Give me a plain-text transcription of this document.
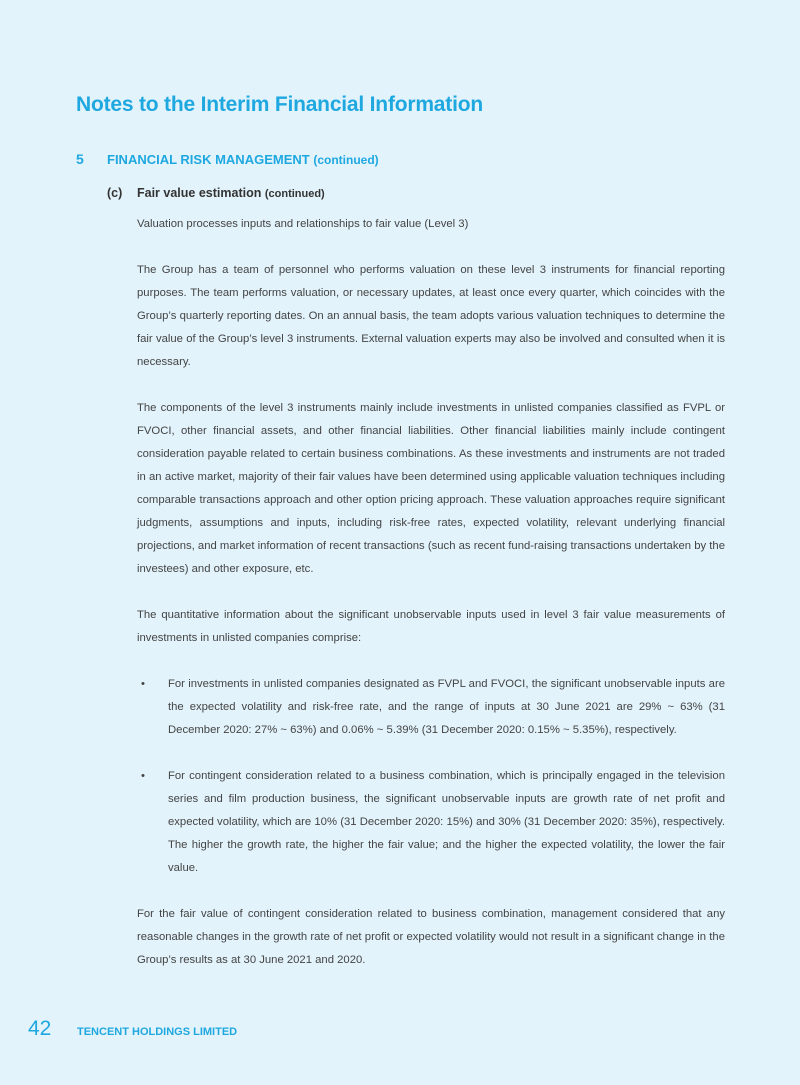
Notes to the Interim Financial Information
5 FINANCIAL RISK MANAGEMENT (continued)
(c) Fair value estimation (continued)

Valuation processes inputs and relationships to fair value (Level 3)

The Group has a team of personnel who performs valuation on these level 3 instruments for financial reporting purposes. The team performs valuation, or necessary updates, at least once every quarter, which coincides with the Group’s quarterly reporting dates. On an annual basis, the team adopts various valuation techniques to determine the fair value of the Group’s level 3 instruments. External valuation experts may also be involved and consulted when it is necessary.

The components of the level 3 instruments mainly include investments in unlisted companies classified as FVPL or FVOCI, other financial assets, and other financial liabilities. Other financial liabilities mainly include contingent consideration payable related to certain business combinations. As these investments and instruments are not traded in an active market, majority of their fair values have been determined using applicable valuation techniques including comparable transactions approach and other option pricing approach. These valuation approaches require significant judgments, assumptions and inputs, including risk-free rates, expected volatility, relevant underlying financial projections, and market information of recent transactions (such as recent fund-raising transactions undertaken by the investees) and other exposure, etc.

The quantitative information about the significant unobservable inputs used in level 3 fair value measurements of investments in unlisted companies comprise:

• For investments in unlisted companies designated as FVPL and FVOCI, the significant unobservable inputs are the expected volatility and risk-free rate, and the range of inputs at 30 June 2021 are 29% ~ 63% (31 December 2020: 27% ~ 63%) and 0.06% ~ 5.39% (31 December 2020: 0.15% ~ 5.35%), respectively.
• For contingent consideration related to a business combination, which is principally engaged in the television series and film production business, the significant unobservable inputs are growth rate of net profit and expected volatility, which are 10% (31 December 2020: 15%) and 30% (31 December 2020: 35%), respectively. The higher the growth rate, the higher the fair value; and the higher the expected volatility, the lower the fair value.

For the fair value of contingent consideration related to business combination, management considered that any reasonable changes in the growth rate of net profit or expected volatility would not result in a significant change in the Group’s results as at 30 June 2021 and 2020.

42 TENCENT HOLDINGS LIMITED
